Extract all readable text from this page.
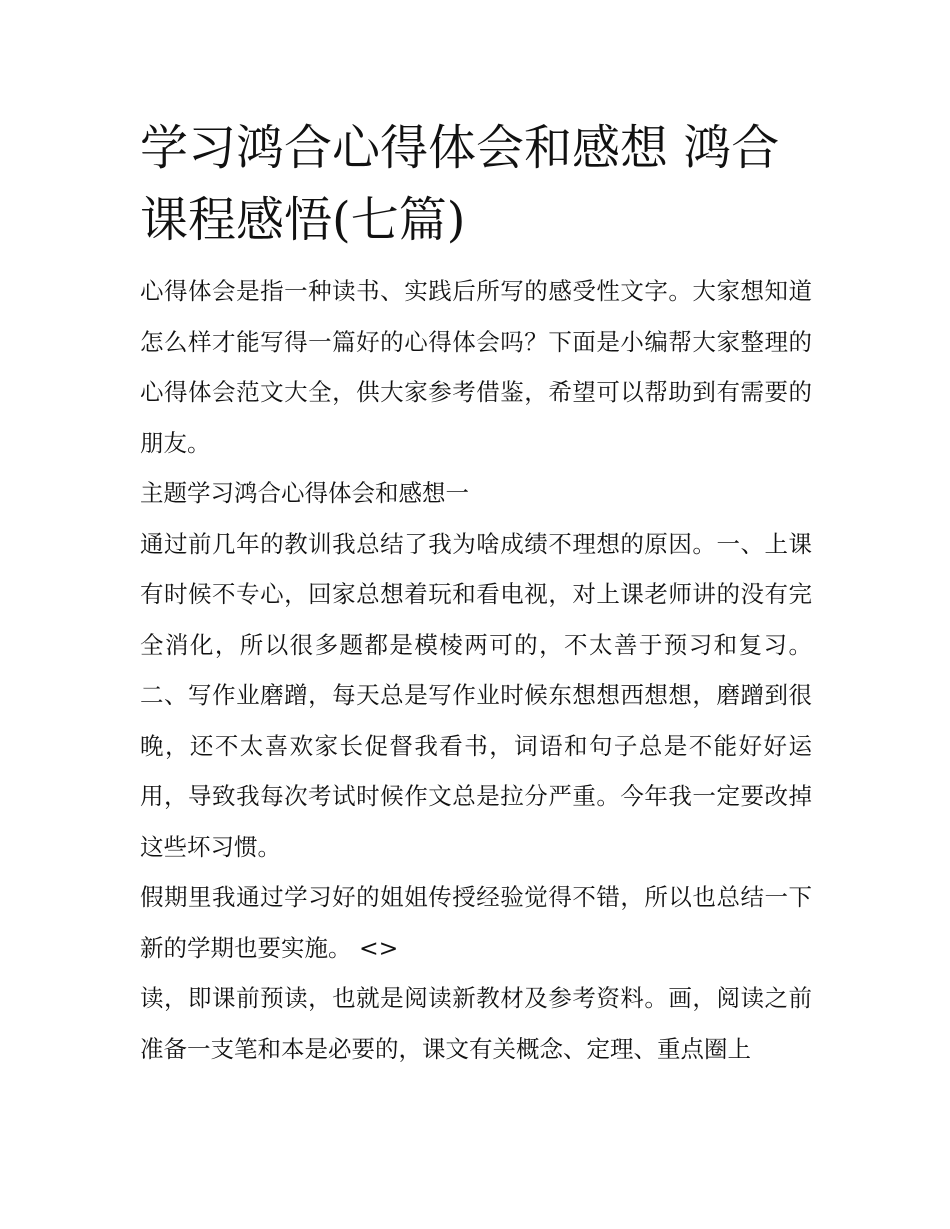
学习鸿合心得体会和感想 鸿合课程感悟(七篇)

心得体会是指一种读书、实践后所写的感受性文字。大家想知道怎么样才能写得一篇好的心得体会吗？下面是小编帮大家整理的心得体会范文大全，供大家参考借鉴，希望可以帮助到有需要的朋友。

主题学习鸿合心得体会和感想一

通过前几年的教训我总结了我为啥成绩不理想的原因。一、上课有时候不专心，回家总想着玩和看电视，对上课老师讲的没有完全消化，所以很多题都是模棱两可的，不太善于预习和复习。二、写作业磨蹭，每天总是写作业时候东想想西想想，磨蹭到很晚，还不太喜欢家长促督我看书，词语和句子总是不能好好运用，导致我每次考试时候作文总是拉分严重。今年我一定要改掉这些坏习惯。

假期里我通过学习好的姐姐传授经验觉得不错，所以也总结一下新的学期也要实施。 <>

读，即课前预读，也就是阅读新教材及参考资料。画，阅读之前准备一支笔和本是必要的，课文有关概念、定理、重点圈上
